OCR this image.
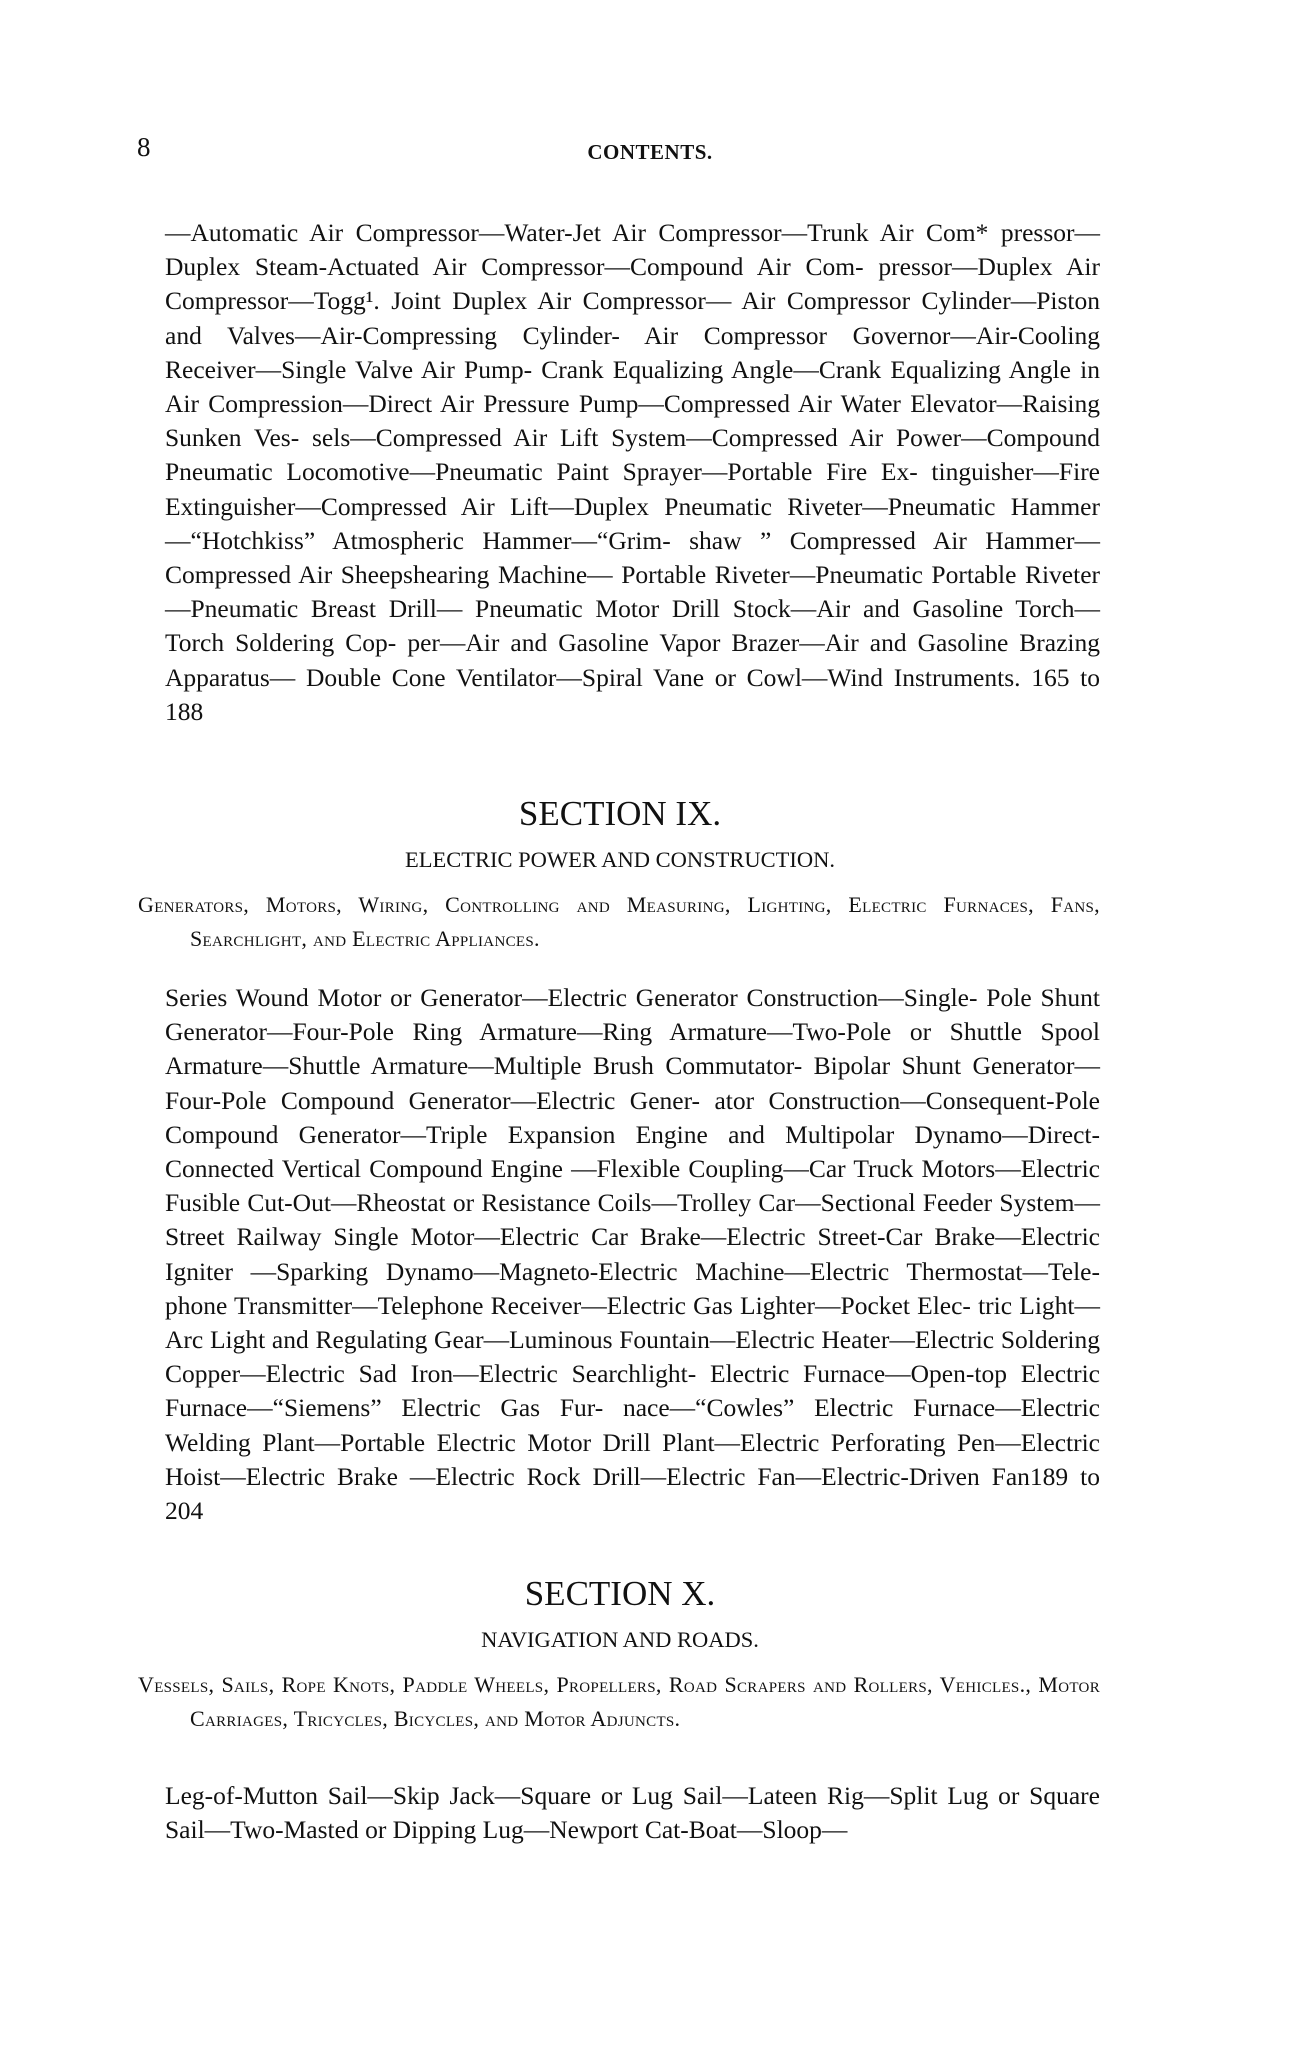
8	CONTENTS.
—Automatic Air Compressor—Water-Jet Air Compressor—Trunk Air Com* pressor—Duplex Steam-Actuated Air Compressor—Compound Air Com- pressor—Duplex Air Compressor—Togg¹. Joint Duplex Air Compressor— Air Compressor Cylinder—Piston and Valves—Air-Compressing Cylinder- Air Compressor Governor—Air-Cooling Receiver—Single Valve Air Pump- Crank Equalizing Angle—Crank Equalizing Angle in Air Compression—Direct Air Pressure Pump—Compressed Air Water Elevator—Raising Sunken Ves- sels—Compressed Air Lift System—Compressed Air Power—Compound Pneumatic Locomotive—Pneumatic Paint Sprayer—Portable Fire Ex- tinguisher—Fire Extinguisher—Compressed Air Lift—Duplex Pneumatic Riveter—Pneumatic Hammer—“Hotchkiss” Atmospheric Hammer—“Grim- shaw ” Compressed Air Hammer—Compressed Air Sheepshearing Machine— Portable Riveter—Pneumatic Portable Riveter—Pneumatic Breast Drill— Pneumatic Motor Drill Stock—Air and Gasoline Torch—Torch Soldering Cop- per—Air and Gasoline Vapor Brazer—Air and Gasoline Brazing Apparatus— Double Cone Ventilator—Spiral Vane or Cowl—Wind Instruments. 165 to 188
SECTION IX.
ELECTRIC POWER AND CONSTRUCTION.
Generators, Motors, Wiring, Controlling and Measuring, Lighting, Electric Furnaces, Fans, Searchlight, and Electric Appliances.
Series Wound Motor or Generator—Electric Generator Construction—Single- Pole Shunt Generator—Four-Pole Ring Armature—Ring Armature—Two-Pole or Shuttle Spool Armature—Shuttle Armature—Multiple Brush Commutator- Bipolar Shunt Generator—Four-Pole Compound Generator—Electric Gener- ator Construction—Consequent-Pole Compound Generator—Triple Expansion Engine and Multipolar Dynamo—Direct-Connected Vertical Compound Engine —Flexible Coupling—Car Truck Motors—Electric Fusible Cut-Out—Rheostat or Resistance Coils—Trolley Car—Sectional Feeder System—Street Railway Single Motor—Electric Car Brake—Electric Street-Car Brake—Electric Igniter —Sparking Dynamo—Magneto-Electric Machine—Electric Thermostat—Tele- phone Transmitter—Telephone Receiver—Electric Gas Lighter—Pocket Elec- tric Light—Arc Light and Regulating Gear—Luminous Fountain—Electric Heater—Electric Soldering Copper—Electric Sad Iron—Electric Searchlight- Electric Furnace—Open-top Electric Furnace—“Siemens” Electric Gas Fur- nace—“Cowles” Electric Furnace—Electric Welding Plant—Portable Electric Motor Drill Plant—Electric Perforating Pen—Electric Hoist—Electric Brake —Electric Rock Drill—Electric Fan—Electric-Driven Fan189 to 204
SECTION X.
NAVIGATION AND ROADS.
Vessels, Sails, Rope Knots, Paddle Wheels, Propellers, Road Scrapers and Rollers, Vehicles., Motor Carriages, Tricycles, Bicycles, and Motor Adjuncts.
Leg-of-Mutton Sail—Skip Jack—Square or Lug Sail—Lateen Rig—Split Lug or Square Sail—Two-Masted or Dipping Lug—Newport Cat-Boat—Sloop—
